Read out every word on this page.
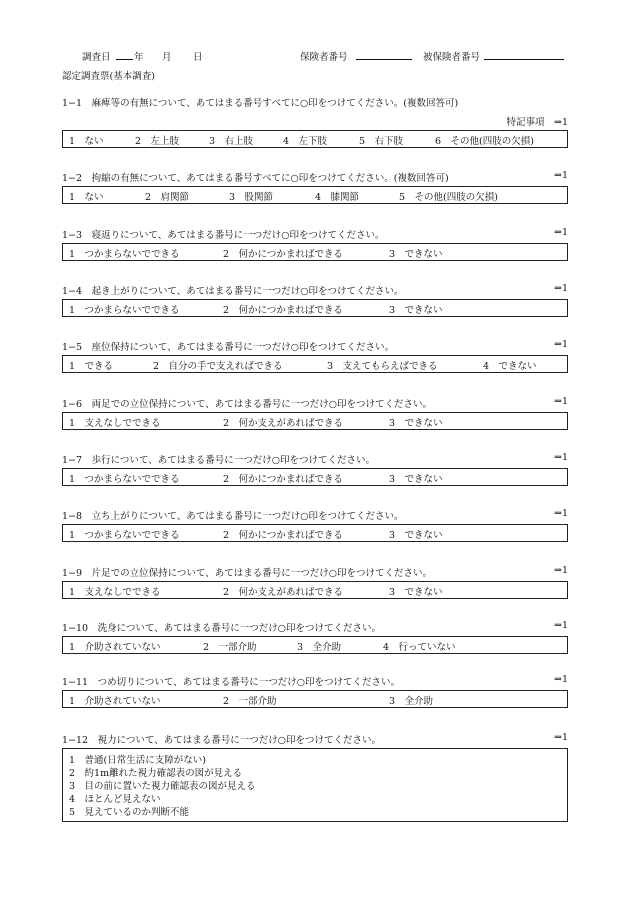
調査日 年 月 日	保険者番号	被保険者番号
認定調査票(基本調査)
1−1　 麻痺等の有無について、あてはまる番号すべてに○印をつけてください。(複数回答可)
特記事項　⇒1
1　ない	2　左上肢	3　右上肢	4　左下肢	5　右下肢	6　その他(四肢の欠損)
1−2　 拘縮の有無について、あてはまる番号すべてに○印をつけてください。(複数回答可)	⇒1
1　ない	2　肩関節	3　股関節	4　膝関節	5　その他(四肢の欠損)
1−3　 寝返りについて、あてはまる番号に一つだけ○印をつけてください。	⇒1
1　つかまらないでできる	2　何かにつかまればできる	3　できない
1−4　 起き上がりについて、あてはまる番号に一つだけ○印をつけてください。	⇒1
1　つかまらないでできる	2　何かにつかまればできる	3　できない
1−5　 座位保持について、あてはまる番号に一つだけ○印をつけてください。	⇒1
1　できる	2　自分の手で支えればできる	3　支えてもらえばできる	4　できない
1−6　 両足での立位保持について、あてはまる番号に一つだけ○印をつけてください。	⇒1
1　支えなしでできる	2　何か支えがあればできる	3　できない
1−7　 歩行について、あてはまる番号に一つだけ○印をつけてください。	⇒1
1　つかまらないでできる	2　何かにつかまればできる	3　できない
1−8　 立ち上がりについて、あてはまる番号に一つだけ○印をつけてください。	⇒1
1　つかまらないでできる	2　何かにつかまればできる	3　できない
1−9　 片足での立位保持について、あてはまる番号に一つだけ○印をつけてください。	⇒1
1　支えなしでできる	2　何か支えがあればできる	3　できない
1−10　 洗身について、あてはまる番号に一つだけ○印をつけてください。	⇒1
1　介助されていない	2　一部介助	3　全介助	4　行っていない
1−11　 つめ切りについて、あてはまる番号に一つだけ○印をつけてください。	⇒1
1　介助されていない	2　一部介助	3　全介助
1−12　 視力について、あてはまる番号に一つだけ○印をつけてください。	⇒1
1　普通(日常生活に支障がない)
2　約1m離れた視力確認表の図が見える
3　目の前に置いた視力確認表の図が見える
4　ほとんど見えない
5　見えているのか判断不能
